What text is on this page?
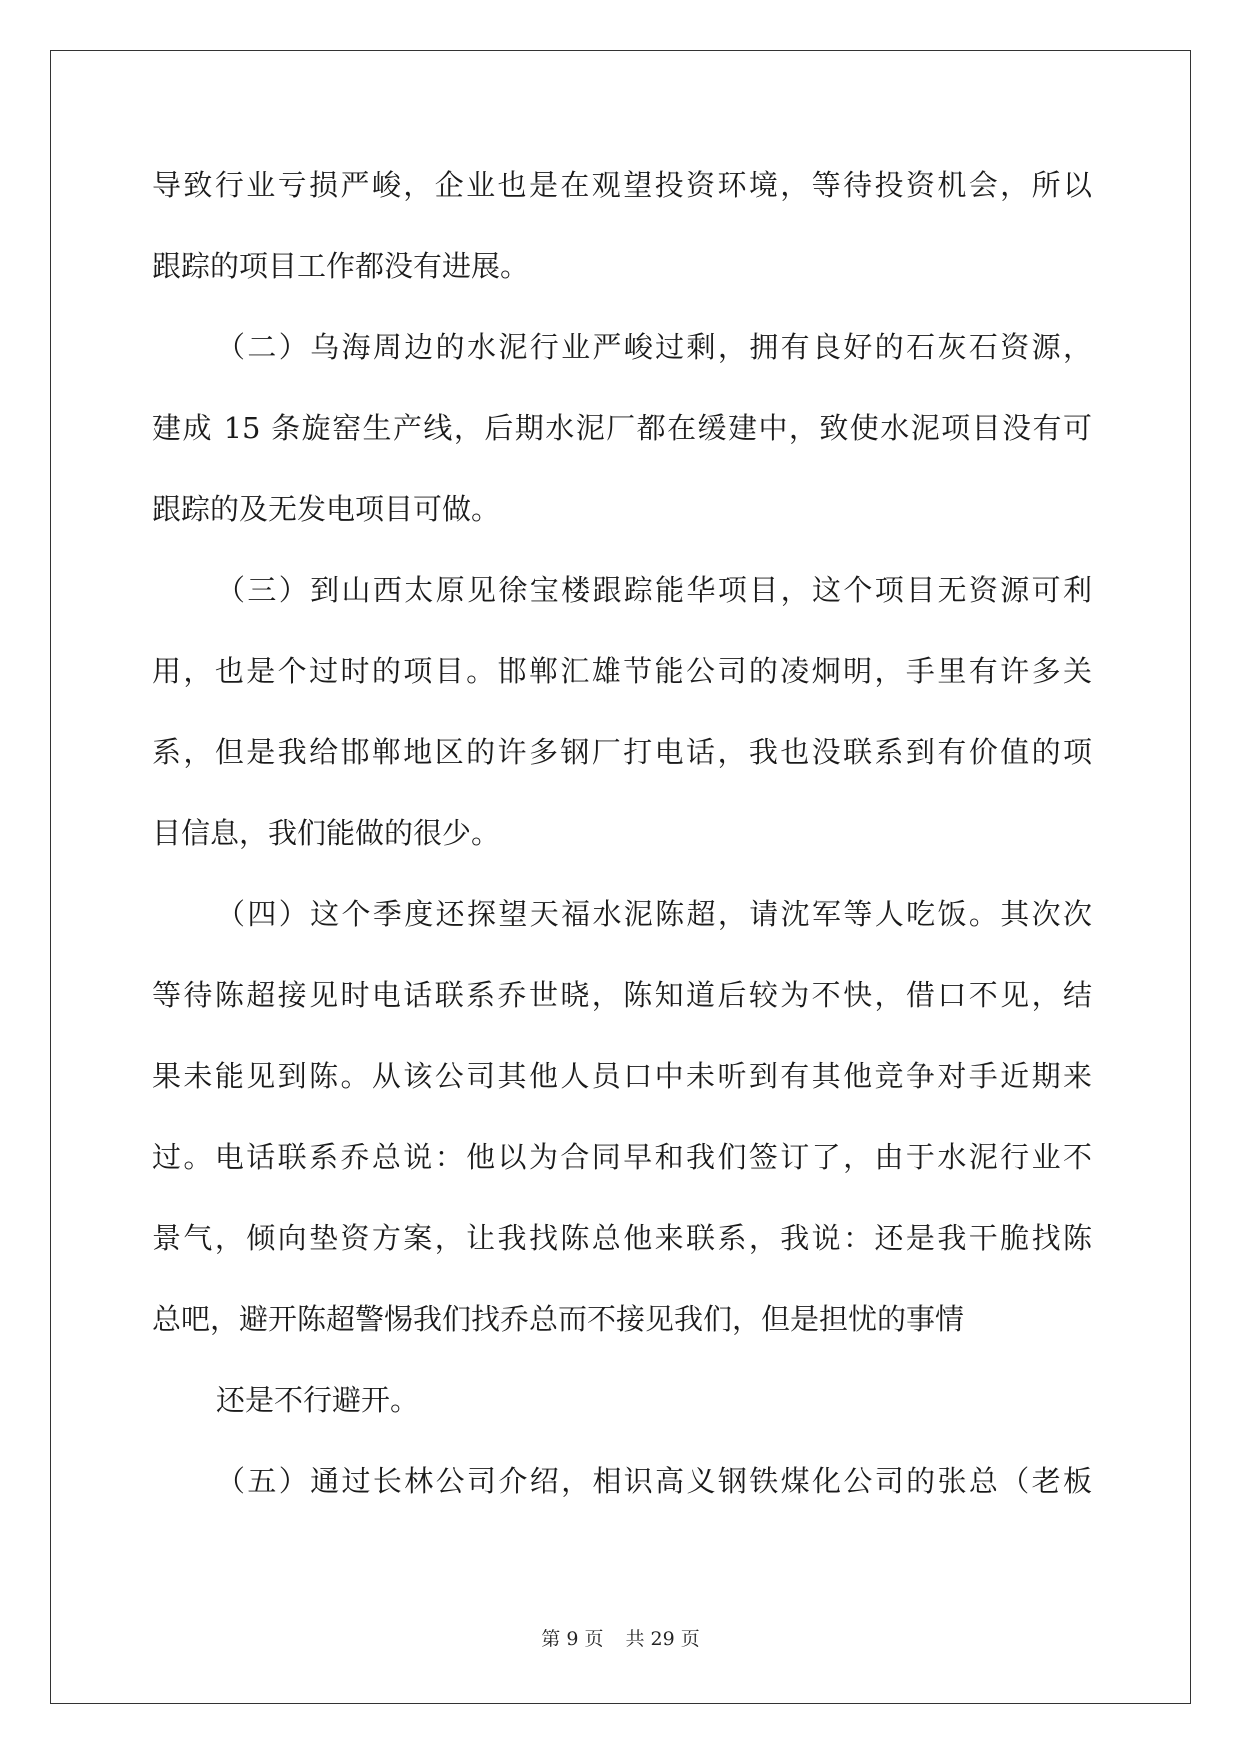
导致行业亏损严峻，企业也是在观望投资环境，等待投资机会，所以
跟踪的项目工作都没有进展。
（二）乌海周边的水泥行业严峻过剩，拥有良好的石灰石资源，
建成 15 条旋窑生产线，后期水泥厂都在缓建中，致使水泥项目没有可
跟踪的及无发电项目可做。
（三）到山西太原见徐宝楼跟踪能华项目，这个项目无资源可利
用，也是个过时的项目。邯郸汇雄节能公司的凌炯明，手里有许多关
系，但是我给邯郸地区的许多钢厂打电话，我也没联系到有价值的项
目信息，我们能做的很少。
（四）这个季度还探望天福水泥陈超，请沈军等人吃饭。其次次
等待陈超接见时电话联系乔世晓，陈知道后较为不快，借口不见，结
果未能见到陈。从该公司其他人员口中未听到有其他竞争对手近期来
过。电话联系乔总说：他以为合同早和我们签订了，由于水泥行业不
景气，倾向垫资方案，让我找陈总他来联系，我说：还是我干脆找陈
总吧，避开陈超警惕我们找乔总而不接见我们，但是担忧的事情
还是不行避开。
（五）通过长林公司介绍，相识高义钢铁煤化公司的张总（老板
第 9 页 共 29 页
